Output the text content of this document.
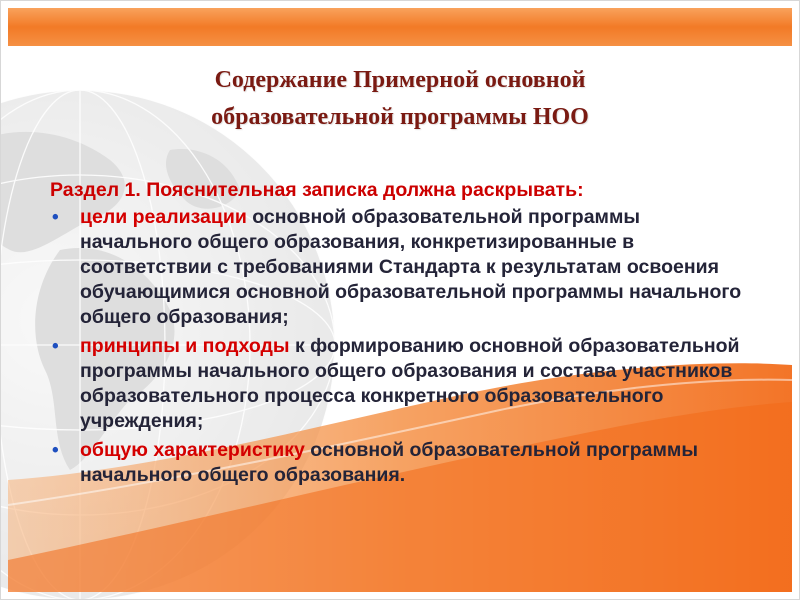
Содержание Примерной основной
образовательной программы НОО
Раздел 1. Пояснительная записка должна раскрывать:
• цели реализации основной образовательной программы начального общего образования, конкретизированные в соответствии с требованиями Стандарта к результатам освоения обучающимися основной образовательной программы начального общего образования;
• принципы и подходы к формированию основной образовательной программы начального общего образования и состава участников образовательного процесса конкретного образовательного учреждения;
• общую характеристику основной образовательной программы начального общего образования.
